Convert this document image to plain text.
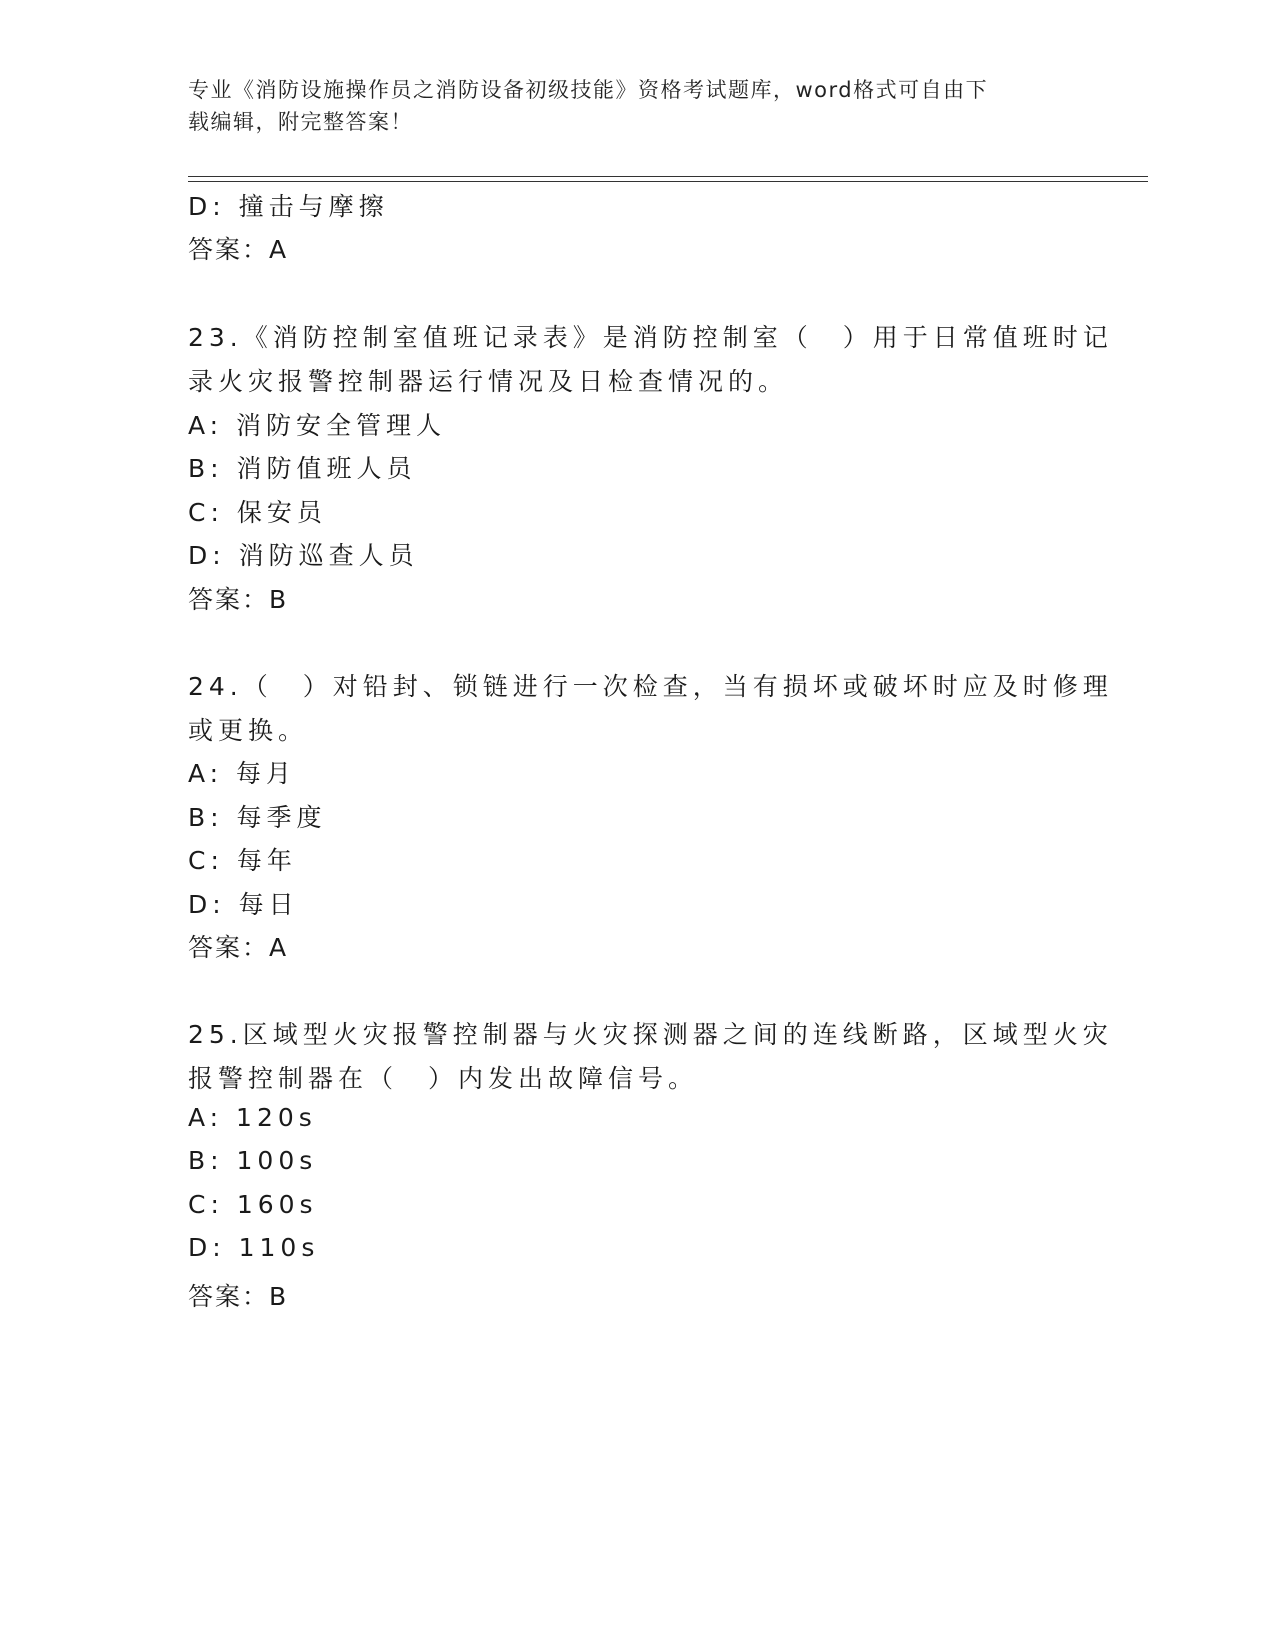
专业《消防设施操作员之消防设备初级技能》资格考试题库，word格式可自由下
载编辑，附完整答案！
D: 撞击与摩擦
答案：A
23.《消防控制室值班记录表》是消防控制室（　）用于日常值班时记
录火灾报警控制器运行情况及日检查情况的。
A: 消防安全管理人
B: 消防值班人员
C: 保安员
D: 消防巡查人员
答案：B
24.（　）对铅封、锁链进行一次检查，当有损坏或破坏时应及时修理
或更换。
A: 每月
B: 每季度
C: 每年
D: 每日
答案：A
25.区域型火灾报警控制器与火灾探测器之间的连线断路，区域型火灾
报警控制器在（　）内发出故障信号。
A: 120s
B: 100s
C: 160s
D: 110s
答案：B
